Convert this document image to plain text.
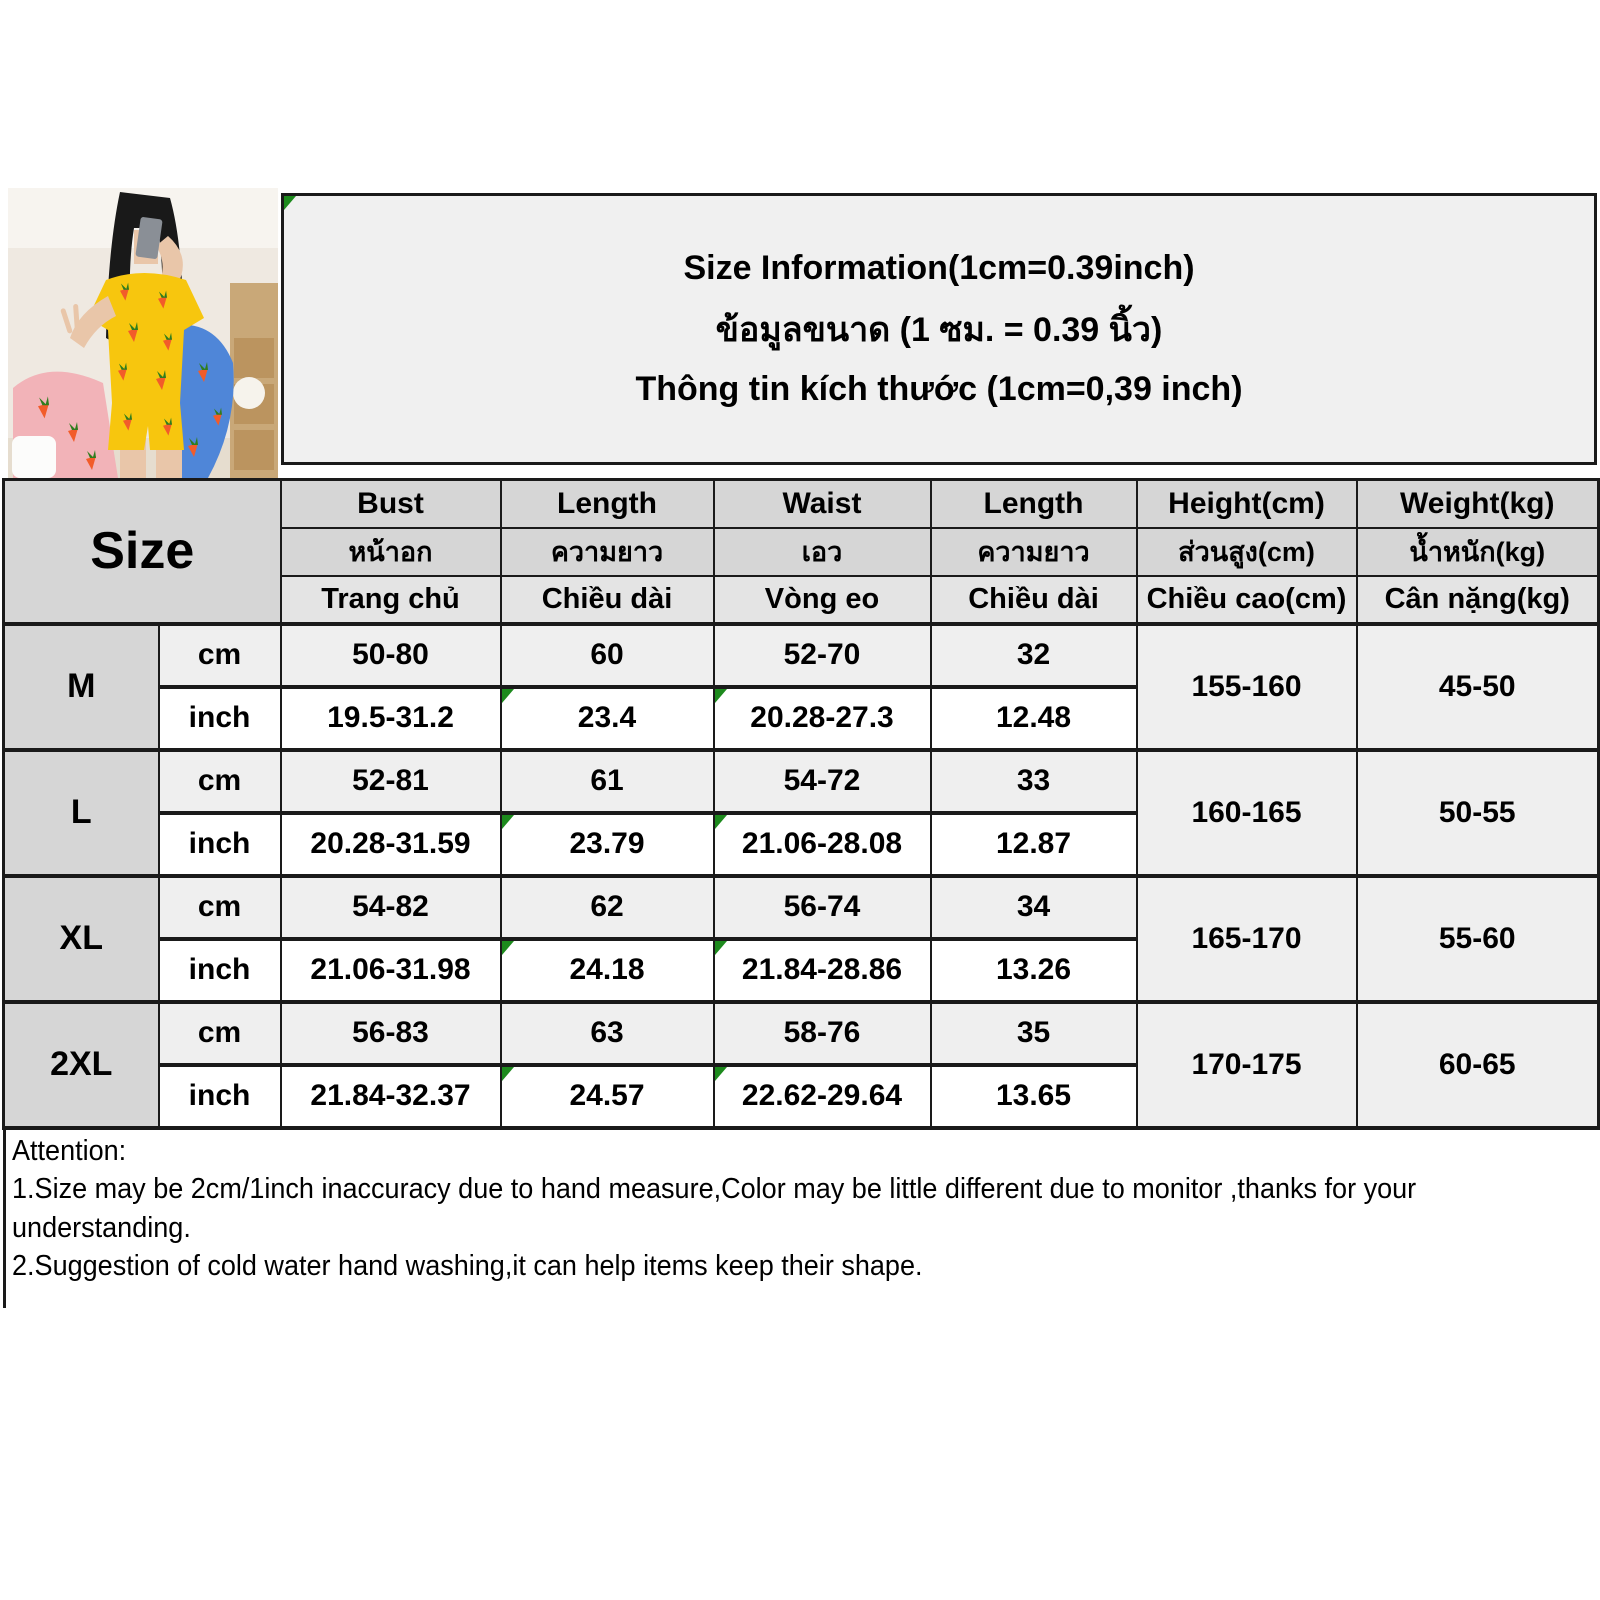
Size Information(1cm=0.39inch)
ข้อมูลขนาด (1 ซม. = 0.39 นิ้ว)
Thông tin kích thước (1cm=0,39 inch)
Size		Bust	Length	Waist	Length	Height(cm)	Weight(kg)
		หน้าอก	ความยาว	เอว	ความยาว	ส่วนสูง(cm)	น้ำหนัก(kg)
		Trang chủ	Chiều dài	Vòng eo	Chiều dài	Chiều cao(cm)	Cân nặng(kg)
M	cm	50-80	60	52-70	32	155-160	45-50
	inch	19.5-31.2	23.4	20.28-27.3	12.48		
L	cm	52-81	61	54-72	33	160-165	50-55
	inch	20.28-31.59	23.79	21.06-28.08	12.87		
XL	cm	54-82	62	56-74	34	165-170	55-60
	inch	21.06-31.98	24.18	21.84-28.86	13.26		
2XL	cm	56-83	63	58-76	35	170-175	60-65
	inch	21.84-32.37	24.57	22.62-29.64	13.65		

Attention:

1.Size may be 2cm/1inch inaccuracy due to hand measure,Color may be little different due to monitor ,thanks for your understanding.

2.Suggestion of cold water hand washing,it can help items keep their shape.
